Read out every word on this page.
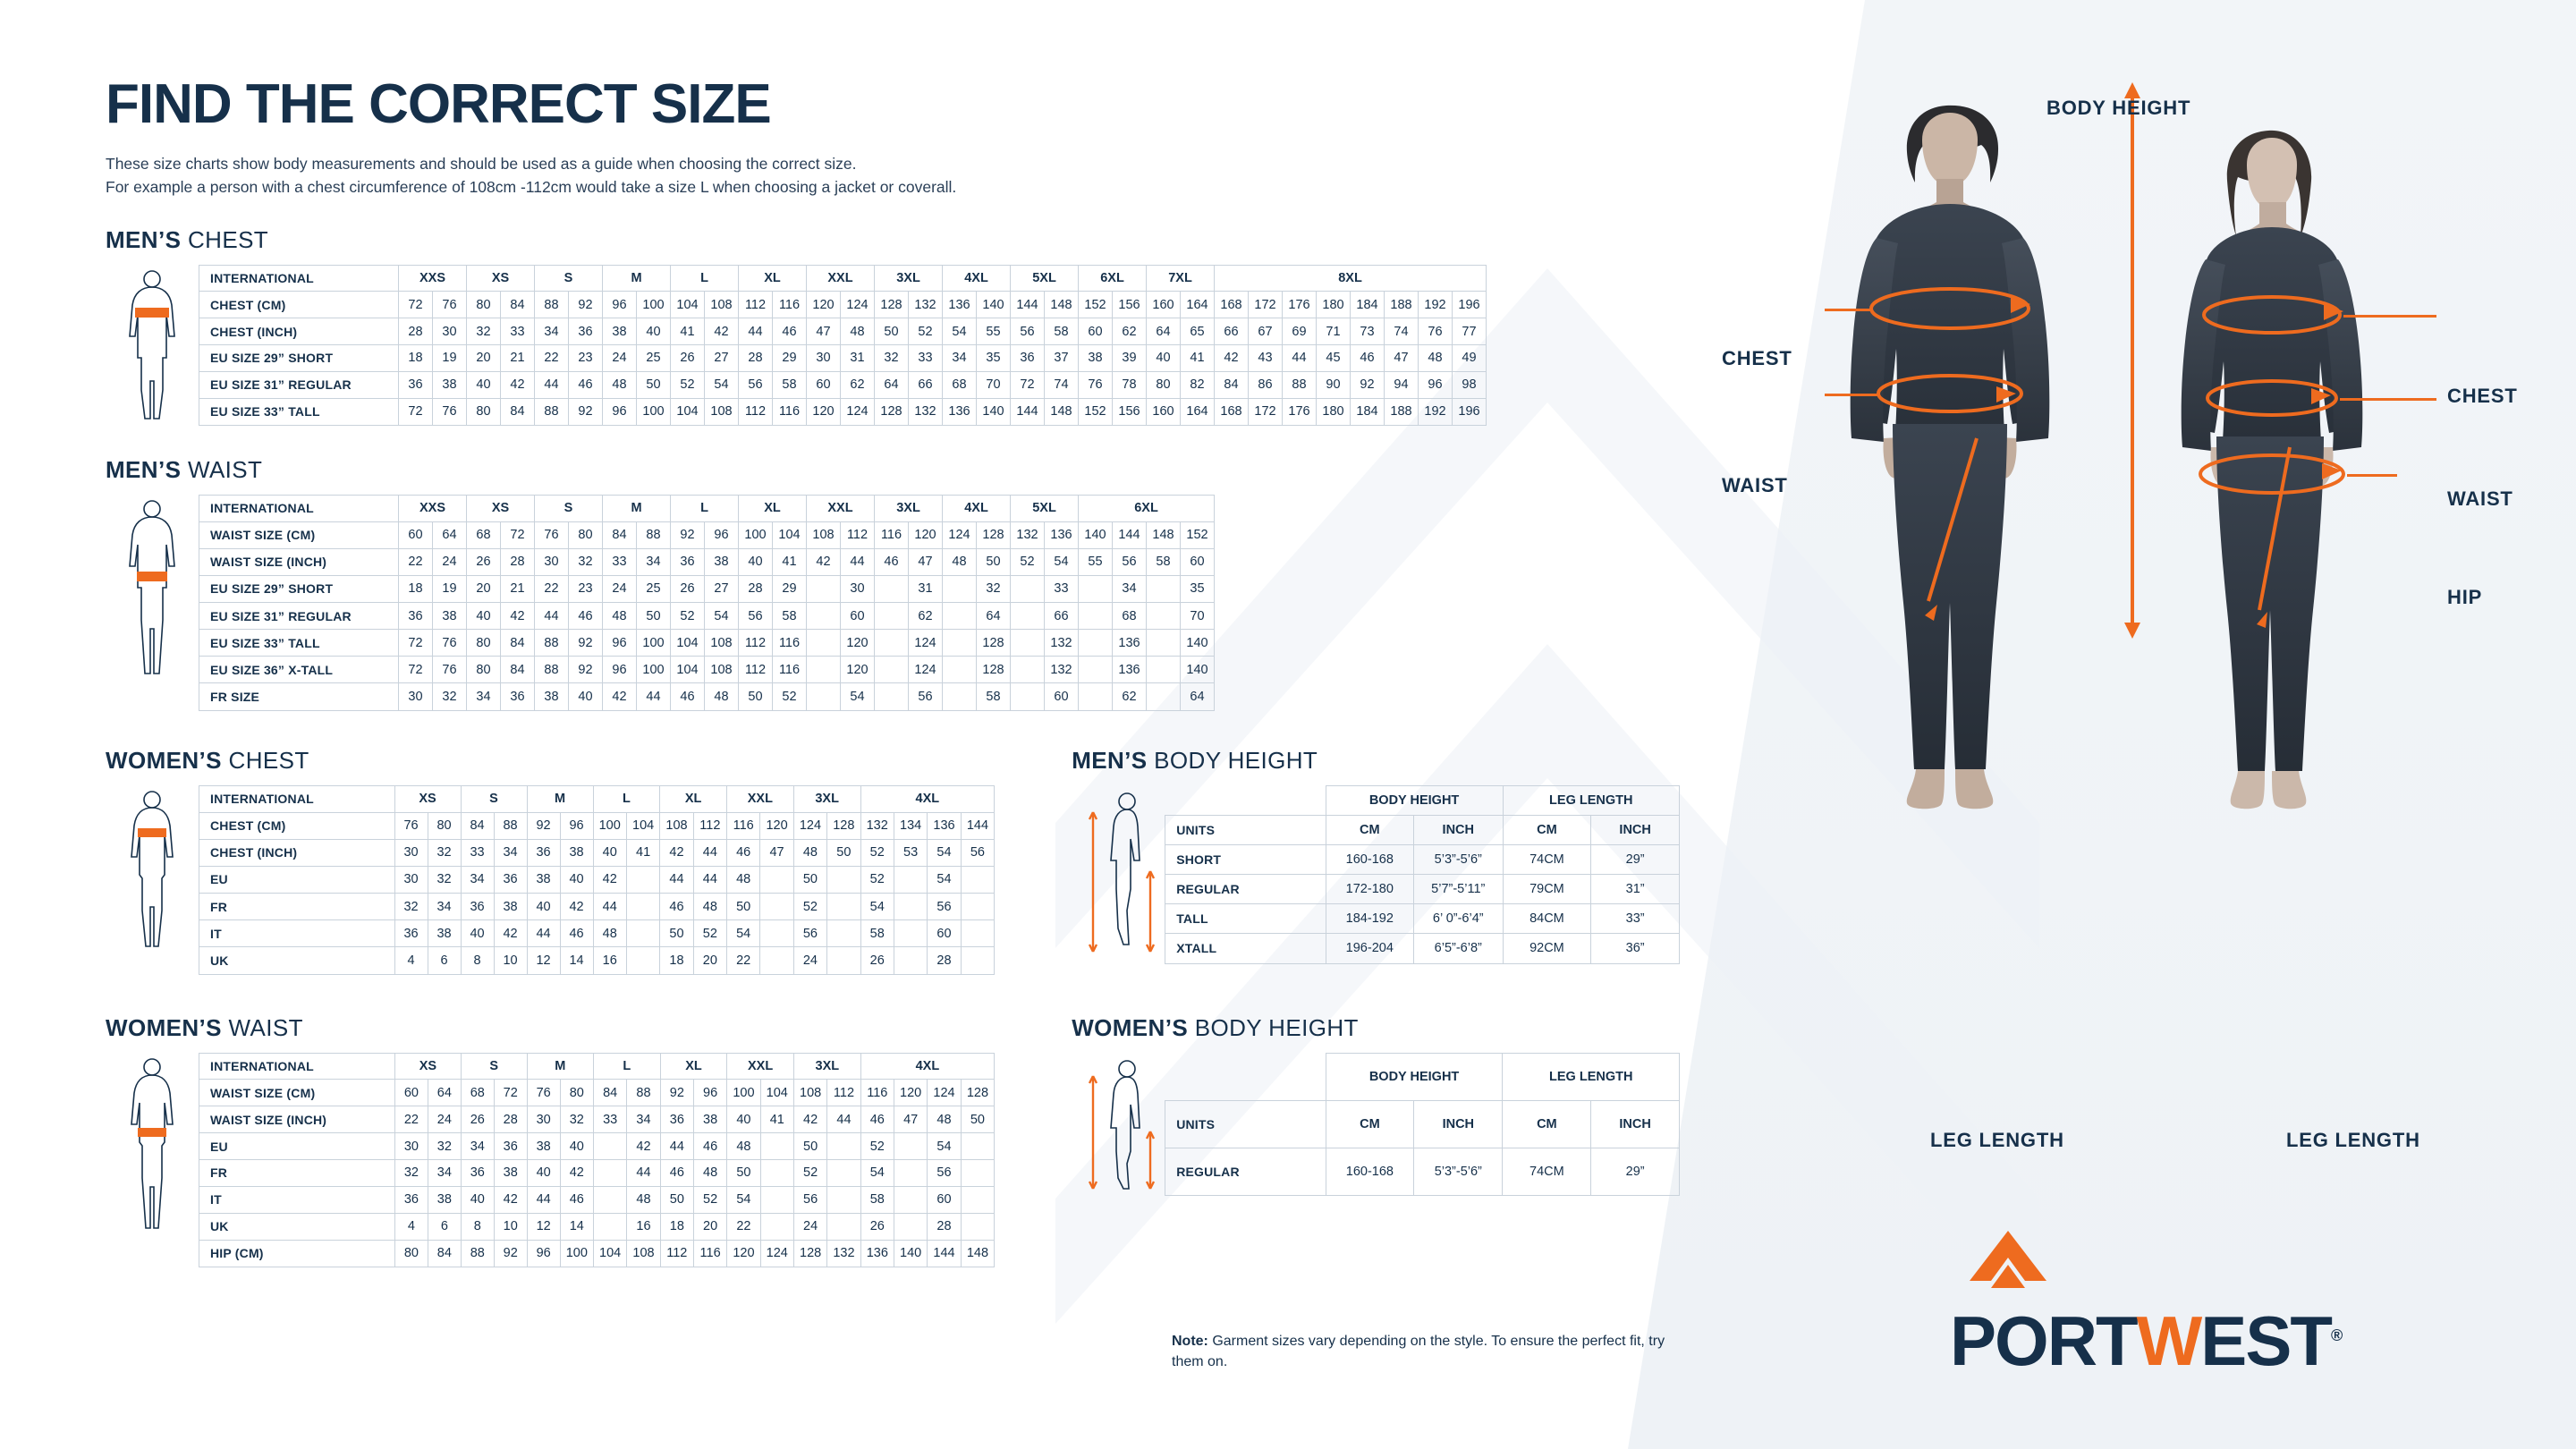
FIND THE CORRECT SIZE

These size charts show body measurements and should be used as a guide when choosing the correct size.
For example a person with a chest circumference of 108cm -112cm would take a size L when choosing a jacket or coverall.

MEN’S CHEST
INTERNATIONAL	XXS		XS		S		M		L		XL		XXL		3XL		4XL		5XL		6XL		7XL		8XL							
CHEST (CM)	72	76	80	84	88	92	96	100	104	108	112	116	120	124	128	132	136	140	144	148	152	156	160	164	168	172	176	180	184	188	192	196
CHEST (INCH)	28	30	32	33	34	36	38	40	41	42	44	46	47	48	50	52	54	55	56	58	60	62	64	65	66	67	69	71	73	74	76	77
EU SIZE 29” SHORT	18	19	20	21	22	23	24	25	26	27	28	29	30	31	32	33	34	35	36	37	38	39	40	41	42	43	44	45	46	47	48	49
EU SIZE 31” REGULAR	36	38	40	42	44	46	48	50	52	54	56	58	60	62	64	66	68	70	72	74	76	78	80	82	84	86	88	90	92	94	96	98
EU SIZE 33” TALL	72	76	80	84	88	92	96	100	104	108	112	116	120	124	128	132	136	140	144	148	152	156	160	164	168	172	176	180	184	188	192	196
MEN’S WAIST
INTERNATIONAL	XXS		XS		S		M		L		XL		XXL		3XL		4XL		5XL		6XL			
WAIST SIZE (CM)	60	64	68	72	76	80	84	88	92	96	100	104	108	112	116	120	124	128	132	136	140	144	148	152
WAIST SIZE (INCH)	22	24	26	28	30	32	33	34	36	38	40	41	42	44	46	47	48	50	52	54	55	56	58	60
EU SIZE 29” SHORT	18	19	20	21	22	23	24	25	26	27	28	29		30		31		32		33		34		35
EU SIZE 31” REGULAR	36	38	40	42	44	46	48	50	52	54	56	58		60		62		64		66		68		70
EU SIZE 33” TALL	72	76	80	84	88	92	96	100	104	108	112	116		120		124		128		132		136		140
EU SIZE 36” X-TALL	72	76	80	84	88	92	96	100	104	108	112	116		120		124		128		132		136		140
FR SIZE	30	32	34	36	38	40	42	44	46	48	50	52		54		56		58		60		62		64
WOMEN’S CHEST
INTERNATIONAL	XS		S		M		L		XL		XXL		3XL		4XL			
CHEST (CM)	76	80	84	88	92	96	100	104	108	112	116	120	124	128	132	134	136	144
CHEST (INCH)	30	32	33	34	36	38	40	41	42	44	46	47	48	50	52	53	54	56
EU	30	32	34	36	38	40	42		44	44	48		50		52		54	
FR	32	34	36	38	40	42	44		46	48	50		52		54		56	
IT	36	38	40	42	44	46	48		50	52	54		56		58		60	
UK	4	6	8	10	12	14	16		18	20	22		24		26		28	
MEN’S BODY HEIGHT
	BODY HEIGHT		LEG LENGTH	
UNITS	CM	INCH	CM	INCH
SHORT	160-168	5’3”-5’6”	74CM	29”
REGULAR	172-180	5’7”-5’11”	79CM	31”
TALL	184-192	6’ 0”-6’4”	84CM	33”
XTALL	196-204	6’5”-6’8”	92CM	36”
WOMEN’S WAIST
INTERNATIONAL	XS		S		M		L		XL		XXL		3XL		4XL			
WAIST SIZE (CM)	60	64	68	72	76	80	84	88	92	96	100	104	108	112	116	120	124	128
WAIST SIZE (INCH)	22	24	26	28	30	32	33	34	36	38	40	41	42	44	46	47	48	50
EU	30	32	34	36	38	40		42	44	46	48		50		52		54	
FR	32	34	36	38	40	42		44	46	48	50		52		54		56	
IT	36	38	40	42	44	46		48	50	52	54		56		58		60	
UK	4	6	8	10	12	14		16	18	20	22		24		26		28	
HIP (CM)	80	84	88	92	96	100	104	108	112	116	120	124	128	132	136	140	144	148
WOMEN’S BODY HEIGHT
	BODY HEIGHT		LEG LENGTH	
UNITS	CM	INCH	CM	INCH
REGULAR	160-168	5’3”-5’6”	74CM	29”
BODY HEIGHT
CHEST
WAIST
CHEST
WAIST
HIP
LEG LENGTH	LEG LENGTH
Note: Garment sizes vary depending on the style. To ensure the perfect fit, try them on.	PORTWEST®
